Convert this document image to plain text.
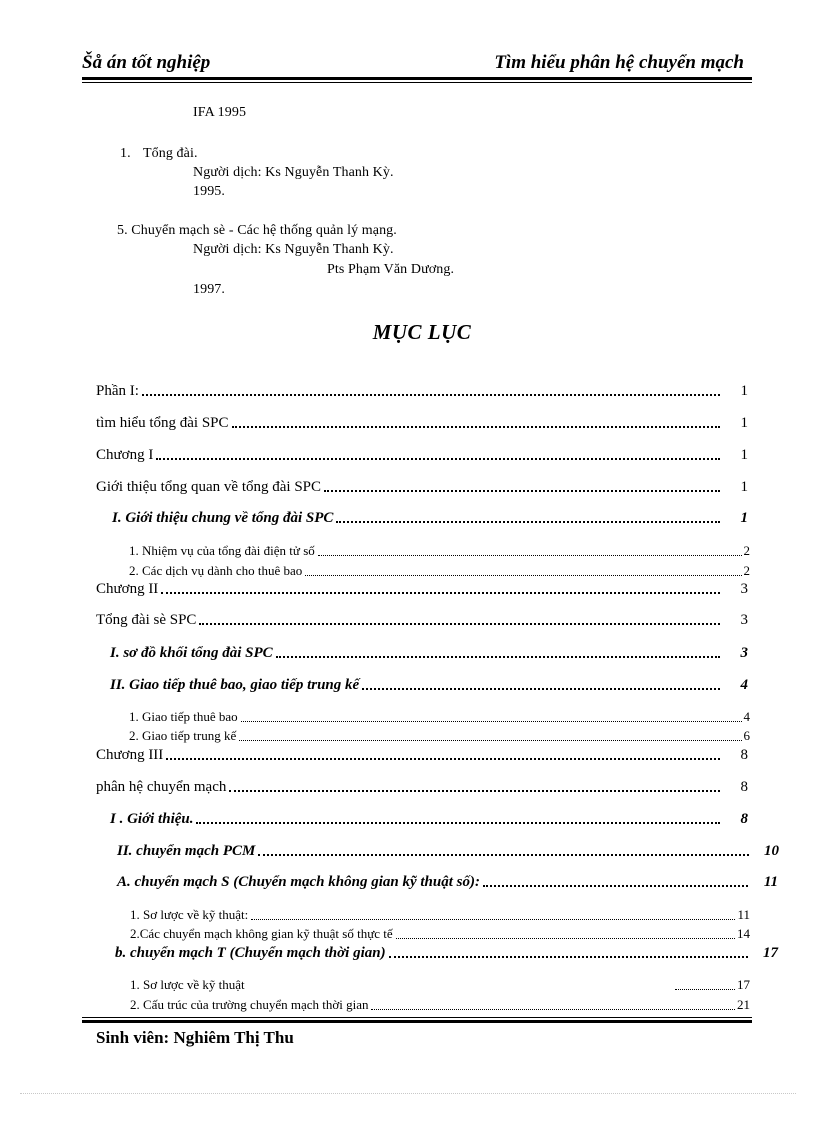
Šå án tốt nghiệp	Tìm hiểu phân hệ chuyển mạch
IFA 1995
1. Tổng đài.
Người dịch: Ks Nguyễn Thanh Kỳ.
1995.
5. Chuyển mạch sè - Các hệ thống quản lý mạng.
Người dịch: Ks Nguyễn Thanh Kỳ.
Pts Phạm Văn Dương.
1997.
MỤC LỤC
Phần I:	1
tìm hiểu tổng đài SPC	1
Chương I	1
Giới thiệu tổng quan về tổng đài SPC	1
I. Giới thiệu chung về tổng đài SPC	1
1. Nhiệm vụ của tổng đài điện tử số	2
2. Các dịch vụ dành cho thuê bao	2
Chương II	3
Tổng đài sè SPC	3
I. sơ đồ khối tổng đài SPC	3
II. Giao tiếp thuê bao, giao tiếp trung kế	4
1. Giao tiếp thuê bao	4
2. Giao tiếp trung kế	6
Chương III	8
phân hệ chuyển mạch	8
I . Giới thiệu.	8
II. chuyển mạch PCM	10
A. chuyển mạch S (Chuyển mạch không gian kỹ thuật số):	11
1. Sơ lược về kỹ thuật:	11
2.Các chuyển mạch không gian kỹ thuật số thực tế	14
b. chuyển mạch T (Chuyển mạch thời gian)	17
1. Sơ lược về kỹ thuật	17
2. Cấu trúc của trường chuyển mạch thời gian	21
Sinh viên: Nghiêm Thị Thu
